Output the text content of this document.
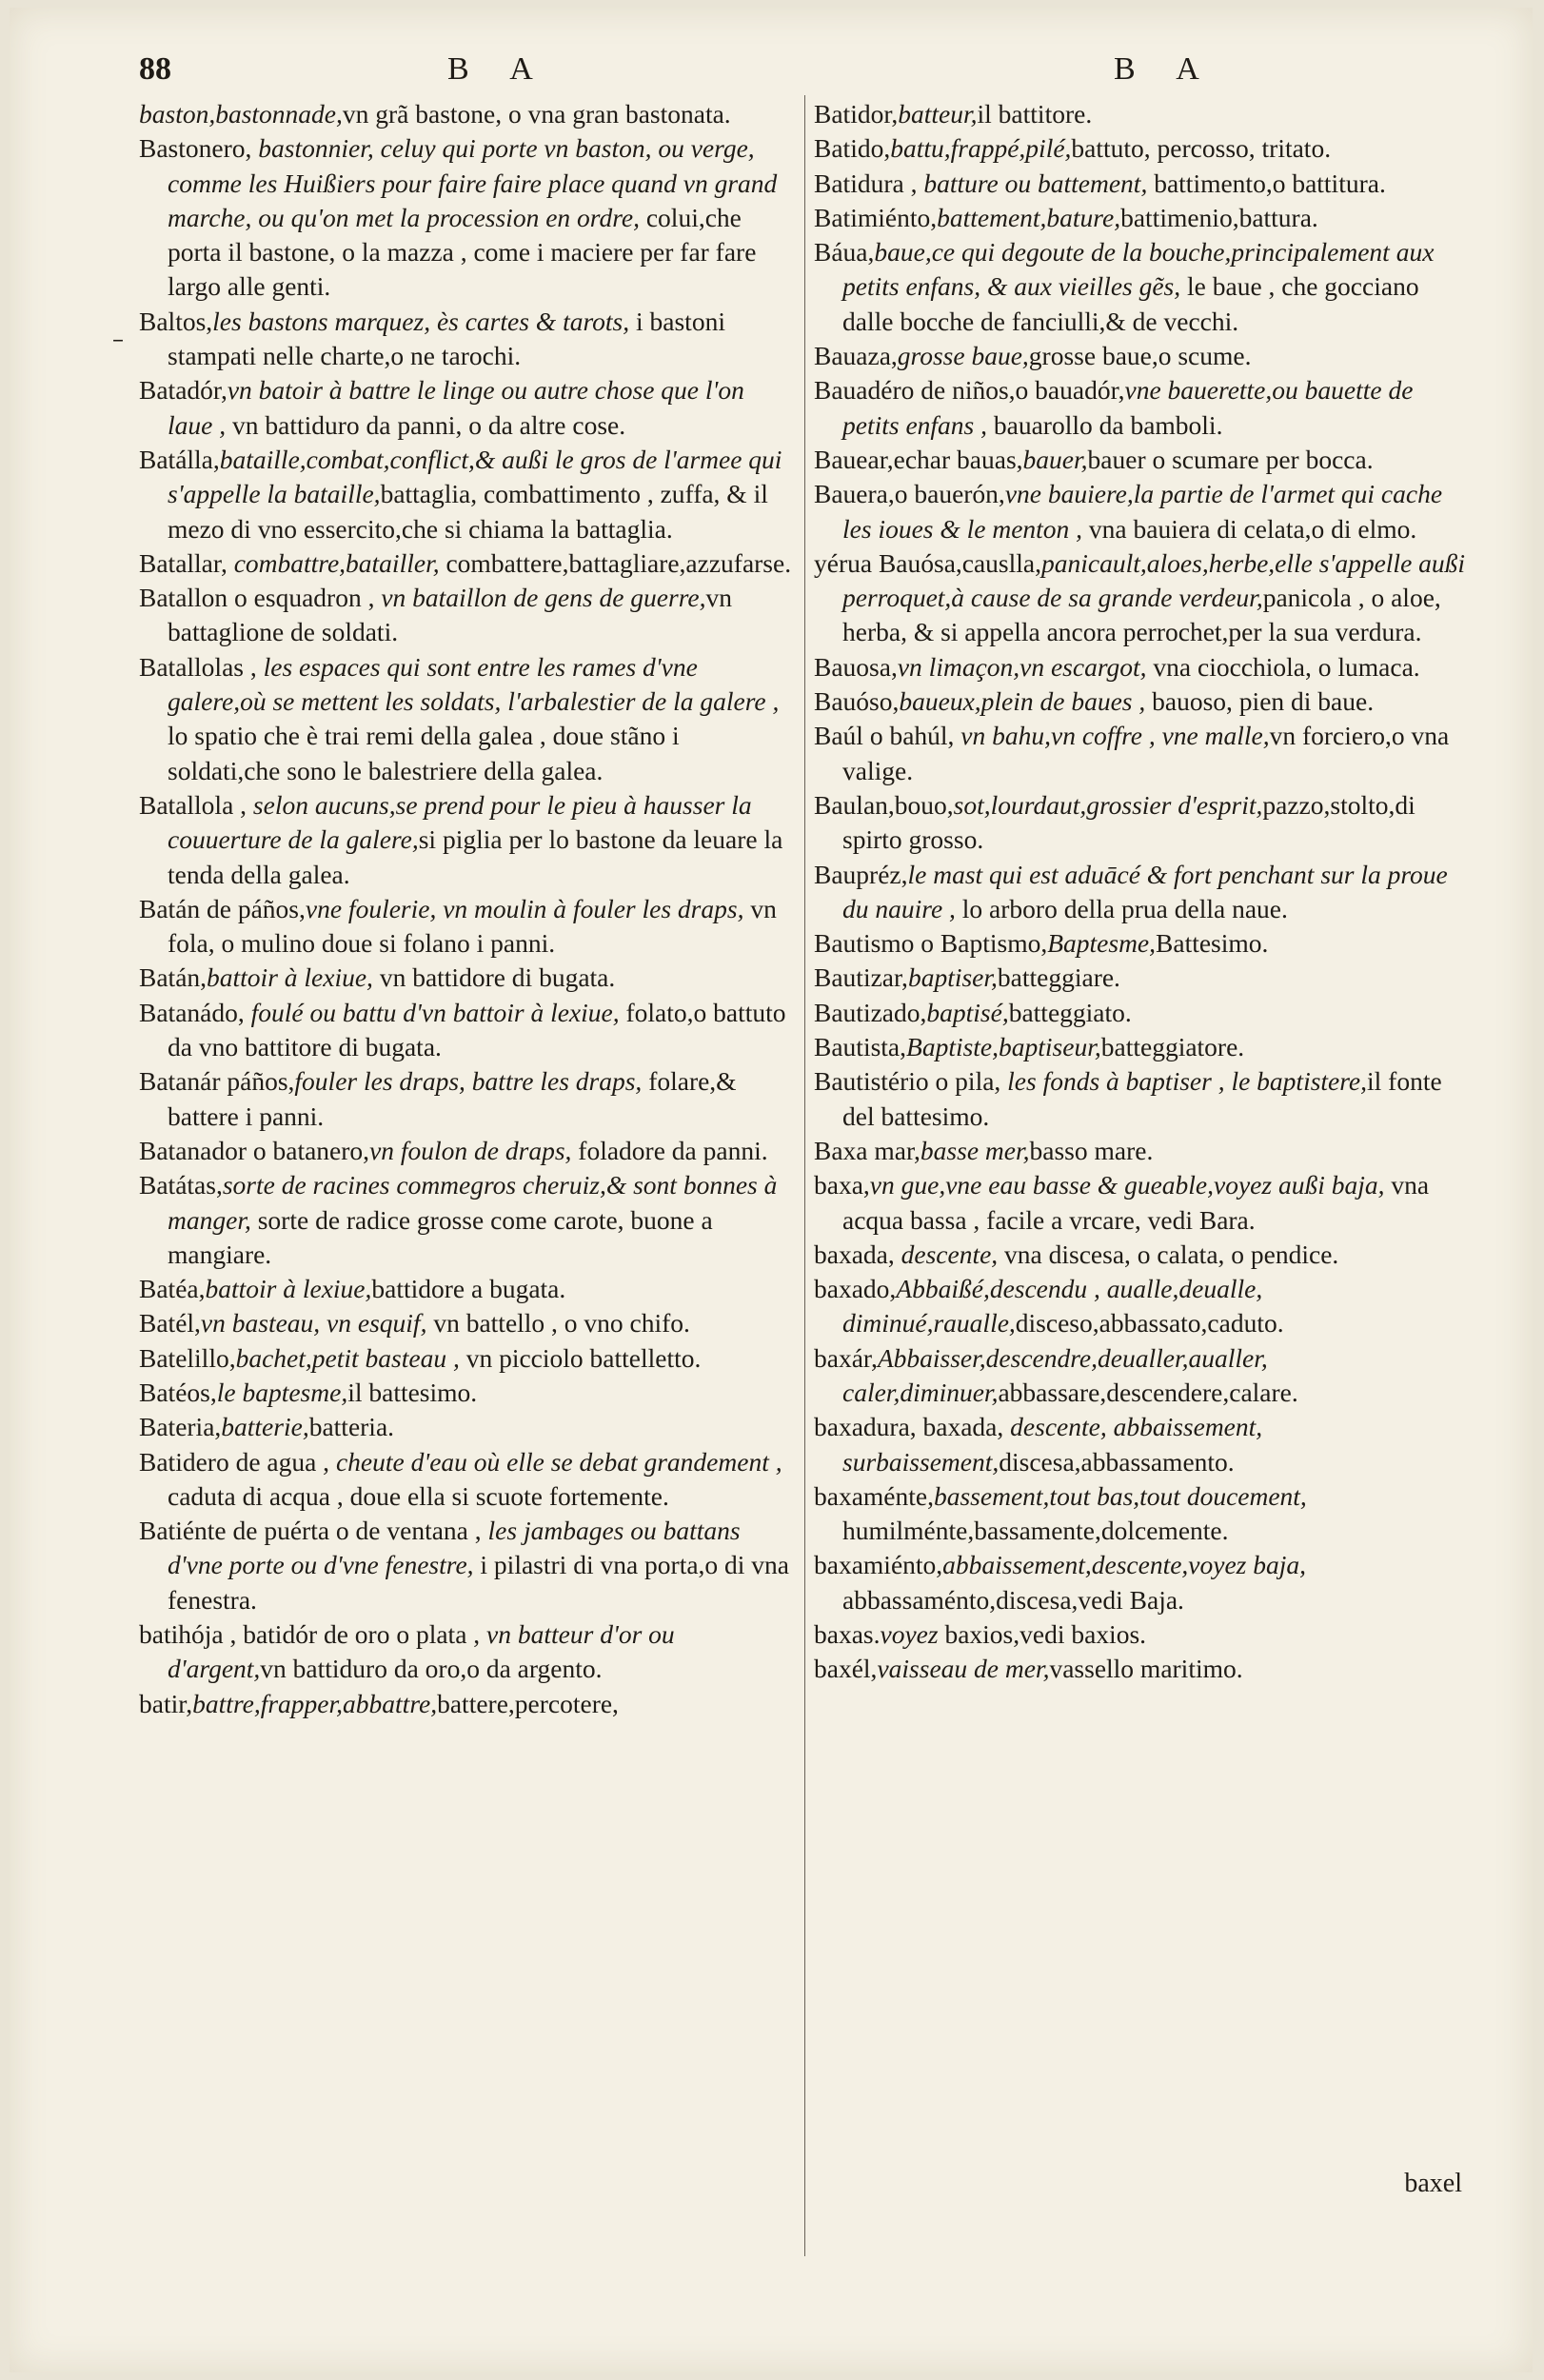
88	B A	B A
–
baston,bastonnade,vn grã bastone, o vna gran bastonata.
Bastonero, bastonnier, celuy qui porte vn baston, ou verge, comme les Huißiers pour faire faire place quand vn grand marche, ou qu'on met la procession en ordre, colui,che porta il bastone, o la mazza , come i maciere per far fare largo alle genti.
Baltos,les bastons marquez, ès cartes & tarots, i bastoni stampati nelle charte,o ne tarochi.
Batadór,vn batoir à battre le linge ou autre chose que l'on laue , vn battiduro da panni, o da altre cose.
Batálla,bataille,combat,conflict,& außi le gros de l'armee qui s'appelle la bataille,battaglia, combattimento , zuffa, & il mezo di vno essercito,che si chiama la battaglia.
Batallar, combattre,batailler, combattere,battagliare,azzufarse.
Batallon o esquadron , vn bataillon de gens de guerre,vn battaglione de soldati.
Batallolas , les espaces qui sont entre les rames d'vne galere,où se mettent les soldats, l'arbalestier de la galere , lo spatio che è trai remi della galea , doue stãno i soldati,che sono le balestriere della galea.
Batallola , selon aucuns,se prend pour le pieu à hausser la couuerture de la galere,si piglia per lo bastone da leuare la tenda della galea.
Batán de páños,vne foulerie, vn moulin à fouler les draps, vn fola, o mulino doue si folano i panni.
Batán,battoir à lexiue, vn battidore di bugata.
Batanádo, foulé ou battu d'vn battoir à lexiue, folato,o battuto da vno battitore di bugata.
Batanár páños,fouler les draps, battre les draps, folare,& battere i panni.
Batanador o batanero,vn foulon de draps, foladore da panni.
Batátas,sorte de racines commegros cheruiz,& sont bonnes à manger, sorte de radice grosse come carote, buone a mangiare.
Batéa,battoir à lexiue,battidore a bugata.
Batél,vn basteau, vn esquif, vn battello , o vno chifo.
Batelillo,bachet,petit basteau , vn picciolo battelletto.
Batéos,le baptesme,il battesimo.
Bateria,batterie,batteria.
Batidero de agua , cheute d'eau où elle se debat grandement , caduta di acqua , doue ella si scuote fortemente.
Batiénte de puérta o de ventana , les jambages ou battans d'vne porte ou d'vne fenestre, i pilastri di vna porta,o di vna fenestra.
batihója , batidór de oro o plata , vn batteur d'or ou d'argent,vn battiduro da oro,o da argento.
batir,battre,frapper,abbattre,battere,percotere,
Batidor,batteur,il battitore.
Batido,battu,frappé,pilé,battuto, percosso, tritato.
Batidura , batture ou battement, battimento,o battitura.
Batimiénto,battement,bature,battimenio,battura.
Báua,baue,ce qui degoute de la bouche,principalement aux petits enfans, & aux vieilles gẽs, le baue , che gocciano dalle bocche de fanciulli,& de vecchi.
Bauaza,grosse baue,grosse baue,o scume.
Bauadéro de niños,o bauadór,vne bauerette,ou bauette de petits enfans , bauarollo da bamboli.
Bauear,echar bauas,bauer,bauer o scumare per bocca.
Bauera,o bauerón,vne bauiere,la partie de l'armet qui cache les ioues & le menton , vna bauiera di celata,o di elmo.
yérua Bauósa,causlla,panicault,aloes,herbe,elle s'appelle außi perroquet,à cause de sa grande verdeur,panicola , o aloe, herba, & si appella ancora perrochet,per la sua verdura.
Bauosa,vn limaçon,vn escargot, vna ciocchiola, o lumaca.
Bauóso,baueux,plein de baues , bauoso, pien di baue.
Baúl o bahúl, vn bahu,vn coffre , vne malle,vn forciero,o vna valige.
Baulan,bouo,sot,lourdaut,grossier d'esprit,pazzo,stolto,di spirto grosso.
Baupréz,le mast qui est aduācé & fort penchant sur la proue du nauire , lo arboro della prua della naue.
Bautismo o Baptismo,Baptesme,Battesimo.
Bautizar,baptiser,batteggiare.
Bautizado,baptisé,batteggiato.
Bautista,Baptiste,baptiseur,batteggiatore.
Bautistério o pila, les fonds à baptiser , le baptistere,il fonte del battesimo.
Baxa mar,basse mer,basso mare.
baxa,vn gue,vne eau basse & gueable,voyez außi baja, vna acqua bassa , facile a vrcare, vedi Bara.
baxada, descente, vna discesa, o calata, o pendice.
baxado,Abbaißé,descendu , aualle,deualle, diminué,raualle,disceso,abbassato,caduto.
baxár,Abbaisser,descendre,deualler,aualler, caler,diminuer,abbassare,descendere,calare.
baxadura, baxada, descente, abbaissement, surbaissement,discesa,abbassamento.
baxaménte,bassement,tout bas,tout doucement, humilménte,bassamente,dolcemente.
baxamiénto,abbaissement,descente,voyez baja, abbassaménto,discesa,vedi Baja.
baxas.voyez baxios,vedi baxios.
baxél,vaisseau de mer,vassello maritimo.
baxel
